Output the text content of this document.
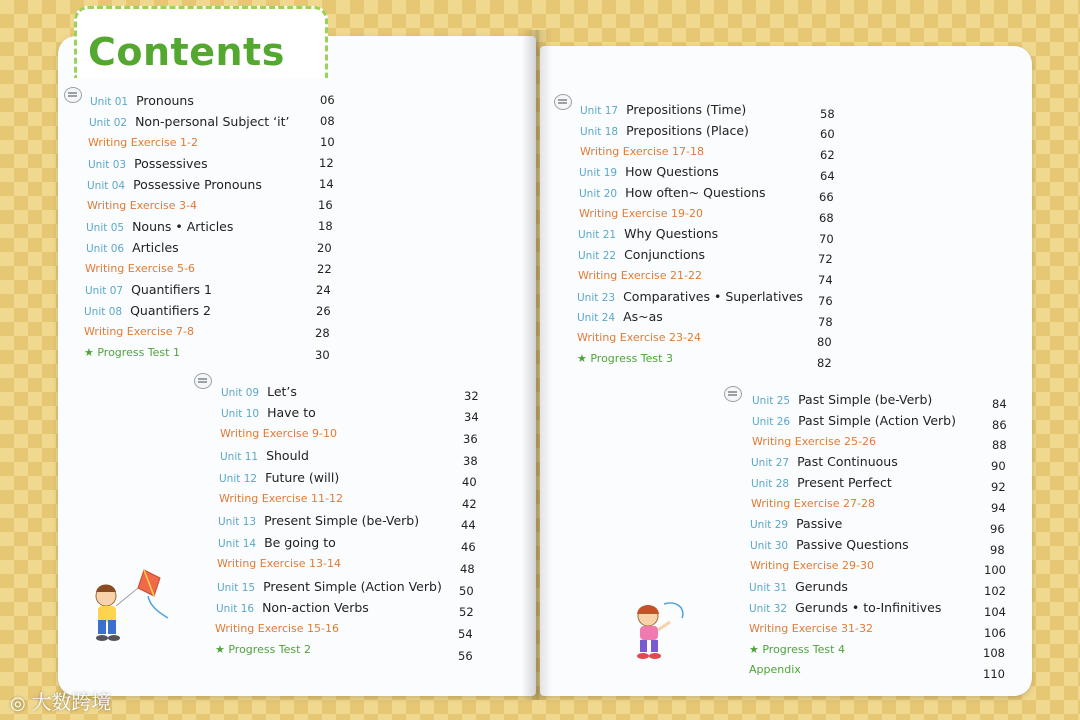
Contents
Unit 01 Pronouns	06
Unit 02 Non-personal Subject ‘it’	08
Writing Exercise 1-2	10
Unit 03 Possessives	12
Unit 04 Possessive Pronouns	14
Writing Exercise 3-4	16
Unit 05 Nouns • Articles	18
Unit 06 Articles	20
Writing Exercise 5-6	22
Unit 07 Quantifiers 1	24
Unit 08 Quantifiers 2	26
Writing Exercise 7-8	28
★ Progress Test 1	30
Unit 09 Let’s	32
Unit 10 Have to	34
Writing Exercise 9-10	36
Unit 11 Should	38
Unit 12 Future (will)	40
Writing Exercise 11-12	42
Unit 13 Present Simple (be-Verb)	44
Unit 14 Be going to	46
Writing Exercise 13-14	48
Unit 15 Present Simple (Action Verb) 50
Unit 16 Non-action Verbs	52
Writing Exercise 15-16	54
★ Progress Test 2	56
Unit 17 Prepositions (Time)	58
Unit 18 Prepositions (Place)	60
Writing Exercise 17-18	62
Unit 19 How Questions	64
Unit 20 How often~ Questions	66
Writing Exercise 19-20	68
Unit 21 Why Questions	70
Unit 22 Conjunctions	72
Writing Exercise 21-22	74
Unit 23 Comparatives • Superlatives 76
Unit 24 As~as	78
Writing Exercise 23-24	80
★ Progress Test 3	82
Unit 25 Past Simple (be-Verb)	84
Unit 26 Past Simple (Action Verb)	86
Writing Exercise 25-26	88
Unit 27 Past Continuous	90
Unit 28 Present Perfect	92
Writing Exercise 27-28	94
Unit 29 Passive	96
Unit 30 Passive Questions	98
Writing Exercise 29-30	100
Unit 31 Gerunds	102
Unit 32 Gerunds • to-Infinitives	104
Writing Exercise 31-32	106
★ Progress Test 4	108
Appendix	110
◎ 大数跨境
